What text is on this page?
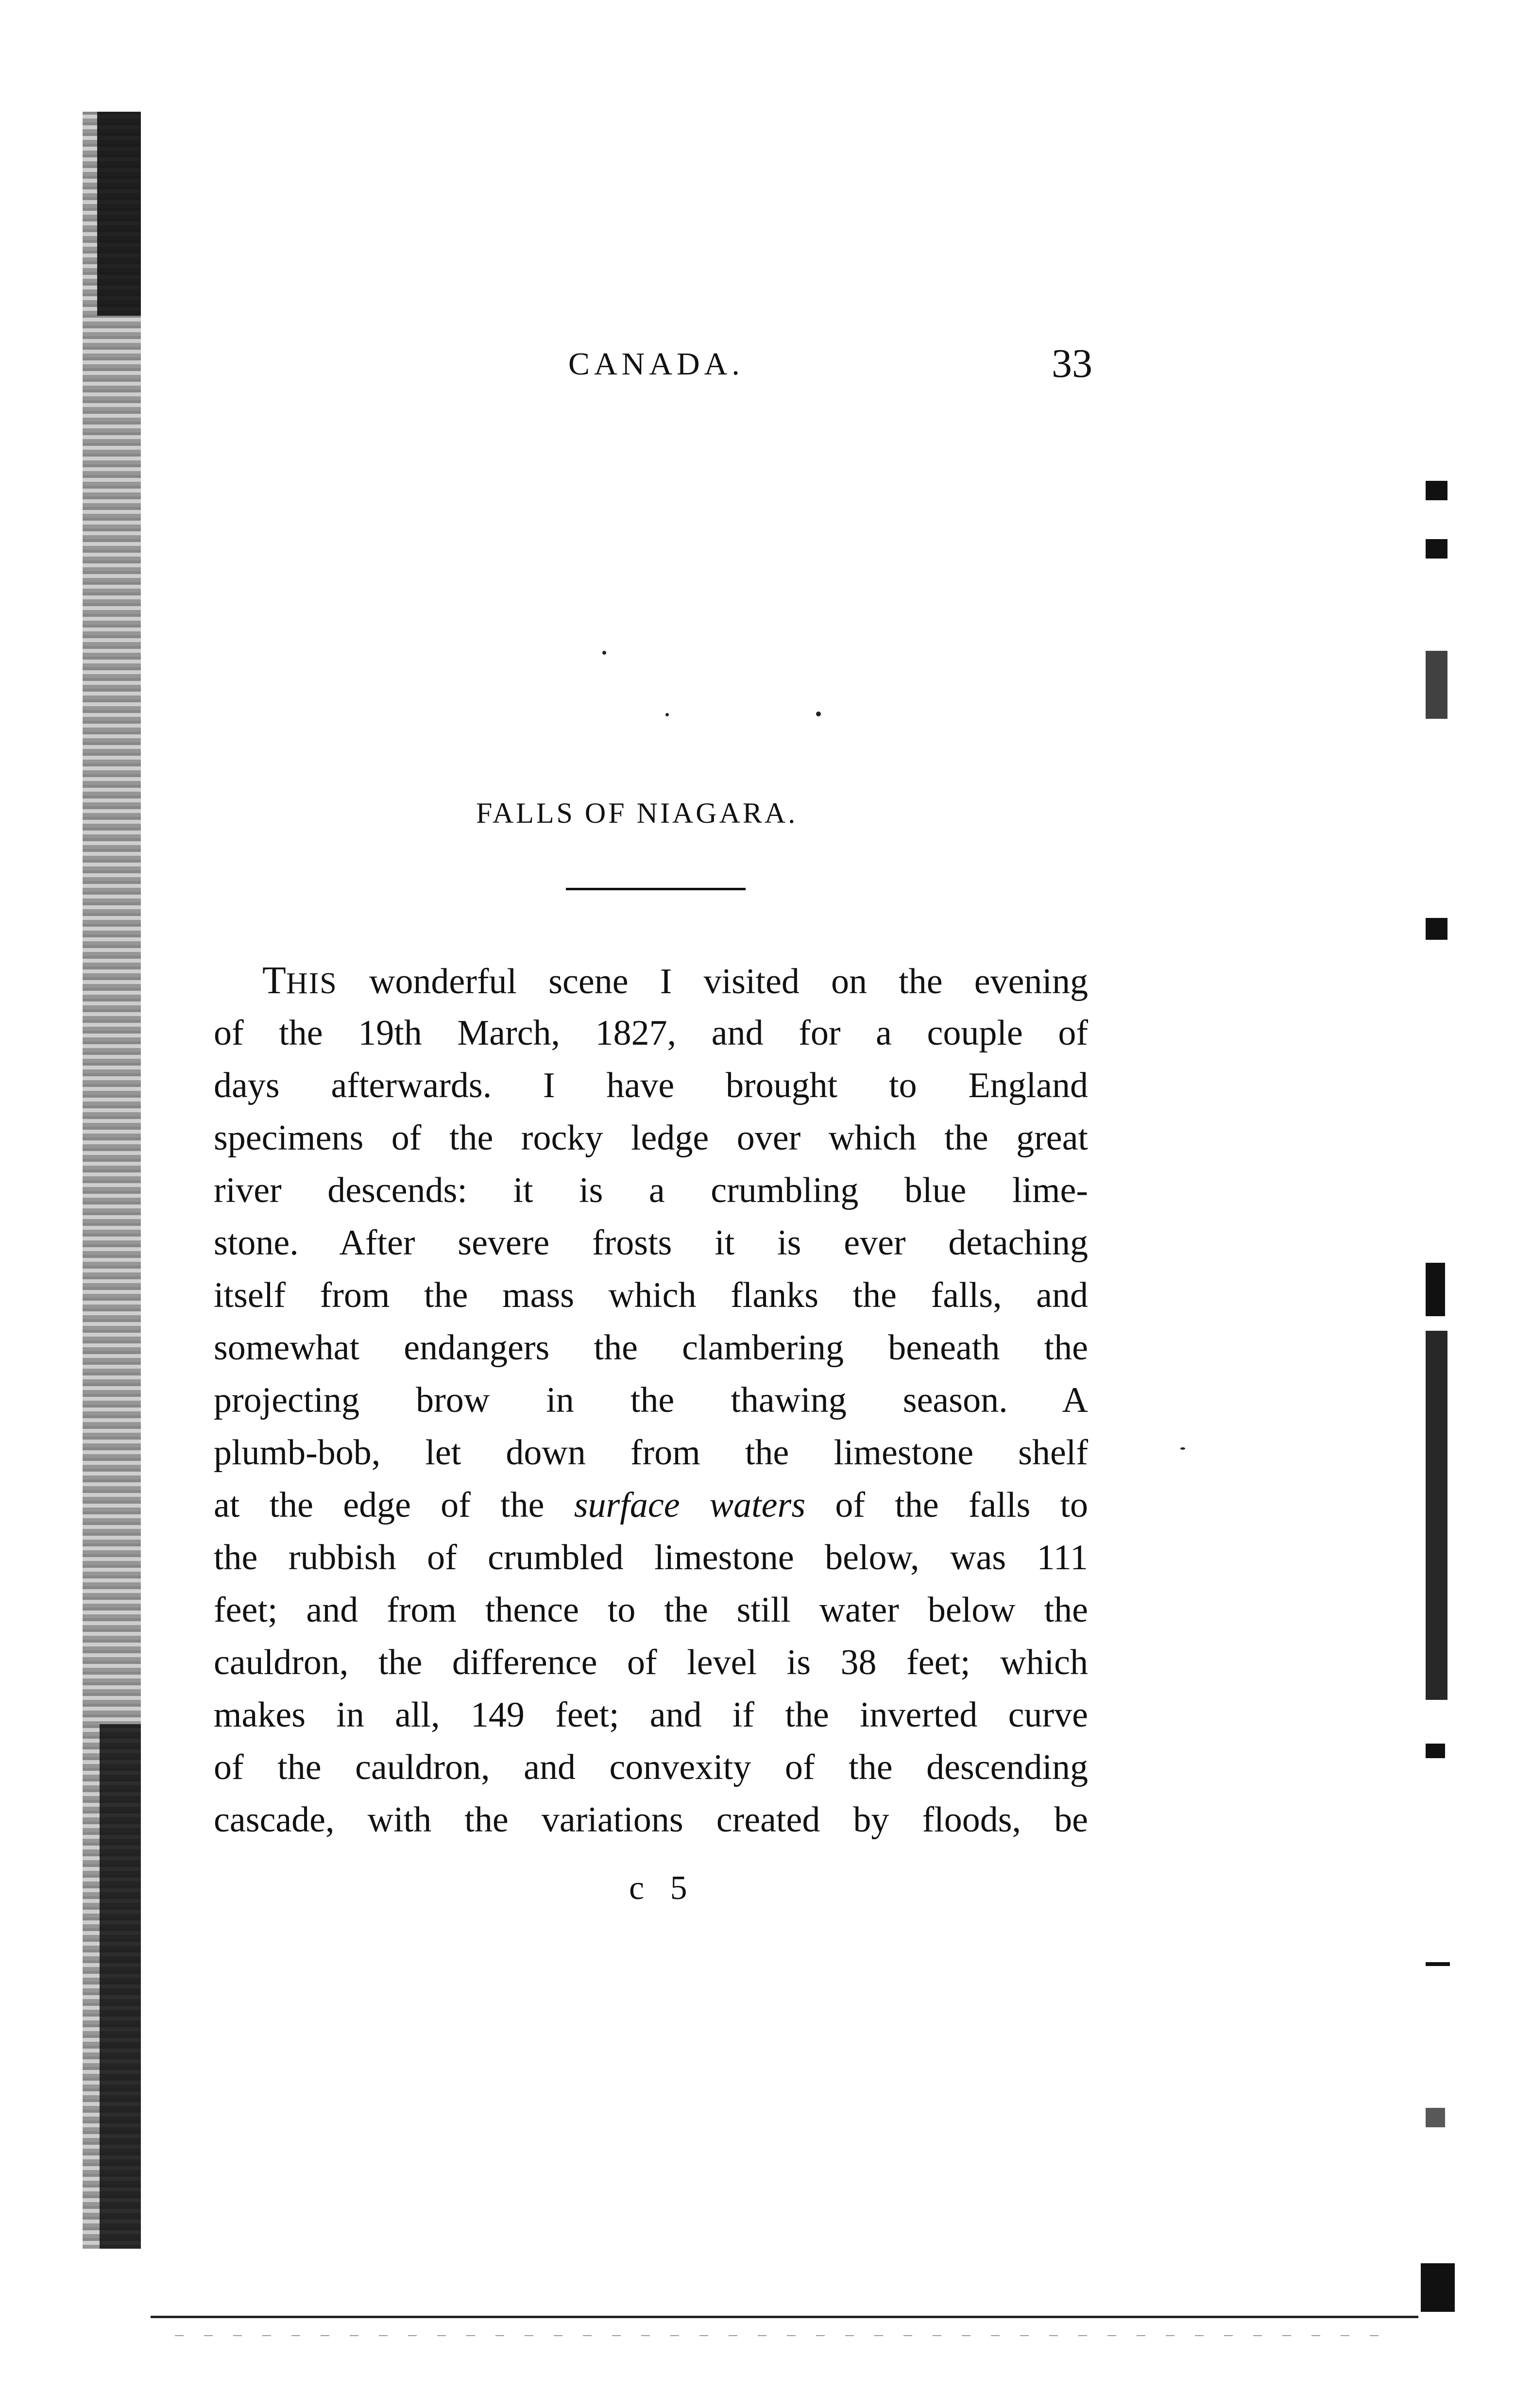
CANADA.	33
FALLS OF NIAGARA.
THIS wonderful scene I visited on the evening
of the 19th March, 1827, and for a couple of
days afterwards. I have brought to England
specimens of the rocky ledge over which the great
river descends: it is a crumbling blue lime-
stone. After severe frosts it is ever detaching
itself from the mass which flanks the falls, and
somewhat endangers the clambering beneath the
projecting brow in the thawing season. A
plumb-bob, let down from the limestone shelf
at the edge of the surface waters of the falls to
the rubbish of crumbled limestone below, was 111
feet; and from thence to the still water below the
cauldron, the difference of level is 38 feet; which
makes in all, 149 feet; and if the inverted curve
of the cauldron, and convexity of the descending
cascade, with the variations created by floods, be
c 5
